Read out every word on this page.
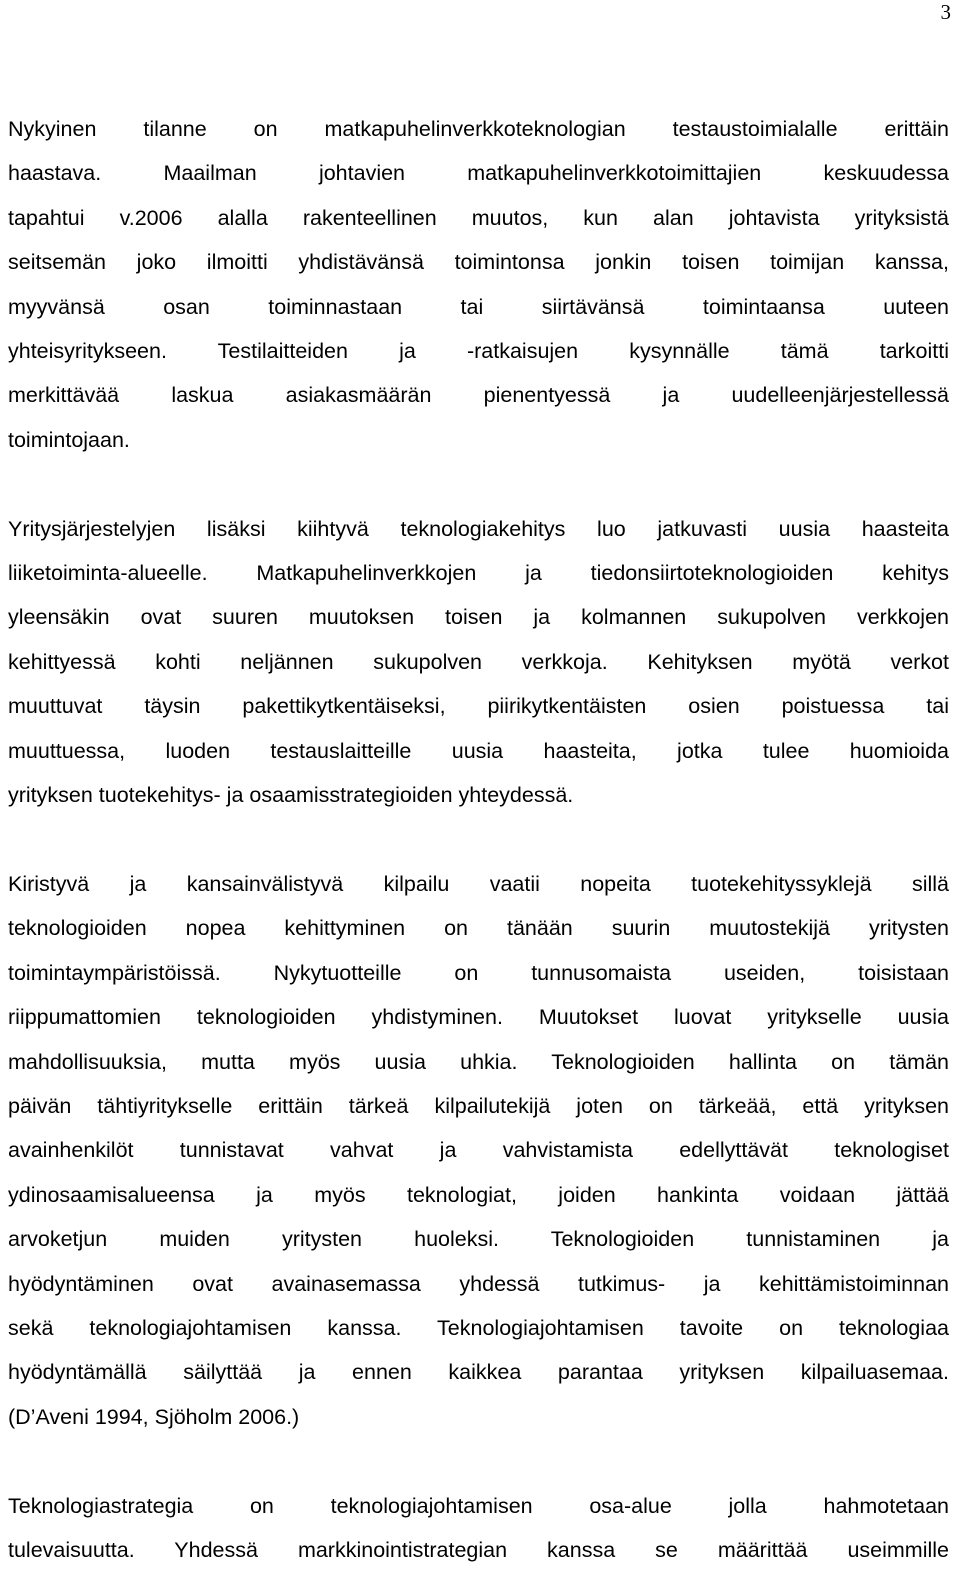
3
Nykyinen tilanne on matkapuhelinverkkoteknologian testaustoimialalle erittäin
haastava. Maailman johtavien matkapuhelinverkkotoimittajien keskuudessa
tapahtui v.2006 alalla rakenteellinen muutos, kun alan johtavista yrityksistä
seitsemän joko ilmoitti yhdistävänsä toimintonsa jonkin toisen toimijan kanssa,
myyvänsä osan toiminnastaan tai siirtävänsä toimintaansa uuteen
yhteisyritykseen. Testilaitteiden ja -ratkaisujen kysynnälle tämä tarkoitti
merkittävää laskua asiakasmäärän pienentyessä ja uudelleenjärjestellessä
toimintojaan.
Yritysjärjestelyjen lisäksi kiihtyvä teknologiakehitys luo jatkuvasti uusia haasteita
liiketoiminta-alueelle. Matkapuhelinverkkojen ja tiedonsiirtoteknologioiden kehitys
yleensäkin ovat suuren muutoksen toisen ja kolmannen sukupolven verkkojen
kehittyessä kohti neljännen sukupolven verkkoja. Kehityksen myötä verkot
muuttuvat täysin pakettikytkentäiseksi, piirikytkentäisten osien poistuessa tai
muuttuessa, luoden testauslaitteille uusia haasteita, jotka tulee huomioida
yrityksen tuotekehitys- ja osaamisstrategioiden yhteydessä.
Kiristyvä ja kansainvälistyvä kilpailu vaatii nopeita tuotekehityssyklejä sillä
teknologioiden nopea kehittyminen on tänään suurin muutostekijä yritysten
toimintaympäristöissä. Nykytuotteille on tunnusomaista useiden, toisistaan
riippumattomien teknologioiden yhdistyminen. Muutokset luovat yritykselle uusia
mahdollisuuksia, mutta myös uusia uhkia. Teknologioiden hallinta on tämän
päivän tähtiyritykselle erittäin tärkeä kilpailutekijä joten on tärkeää, että yrityksen
avainhenkilöt tunnistavat vahvat ja vahvistamista edellyttävät teknologiset
ydinosaamisalueensa ja myös teknologiat, joiden hankinta voidaan jättää
arvoketjun muiden yritysten huoleksi. Teknologioiden tunnistaminen ja
hyödyntäminen ovat avainasemassa yhdessä tutkimus- ja kehittämistoiminnan
sekä teknologiajohtamisen kanssa. Teknologiajohtamisen tavoite on teknologiaa
hyödyntämällä säilyttää ja ennen kaikkea parantaa yrityksen kilpailuasemaa.
(D’Aveni 1994, Sjöholm 2006.)
Teknologiastrategia on teknologiajohtamisen osa-alue jolla hahmotetaan
tulevaisuutta. Yhdessä markkinointistrategian kanssa se määrittää useimmille
